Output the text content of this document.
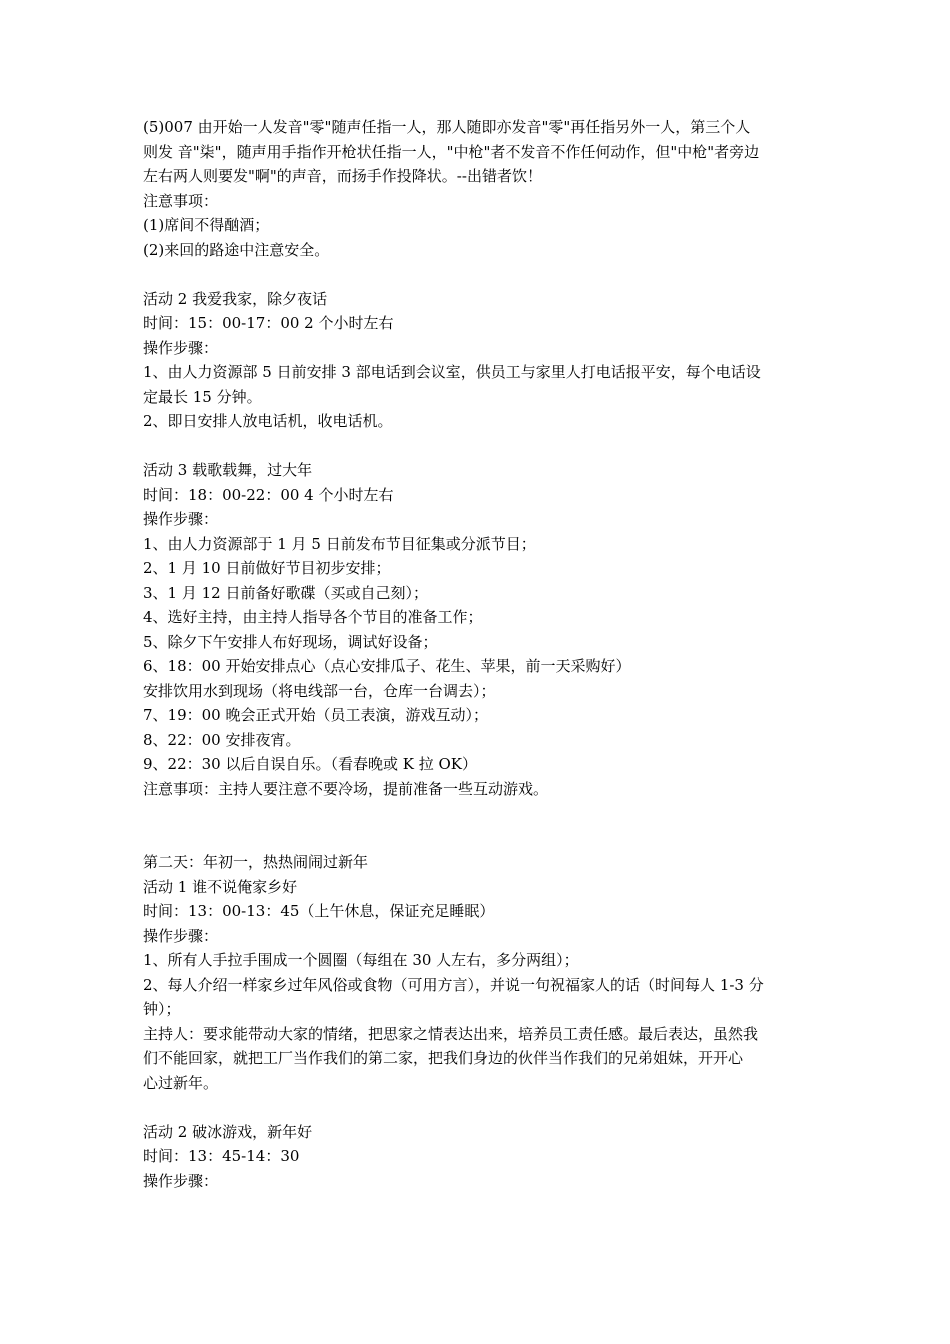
(5)007 由开始一人发音"零"随声任指一人，那人随即亦发音"零"再任指另外一人，第三个人
则发 音"柒"，随声用手指作开枪状任指一人，"中枪"者不发音不作任何动作，但"中枪"者旁边
左右两人则要发"啊"的声音，而扬手作投降状。--出错者饮！
注意事项：
(1)席间不得酗酒；
(2)来回的路途中注意安全。
活动 2 我爱我家，除夕夜话
时间：15：00-17：00 2 个小时左右
操作步骤：
1、由人力资源部 5 日前安排 3 部电话到会议室，供员工与家里人打电话报平安，每个电话设
定最长 15 分钟。
2、即日安排人放电话机，收电话机。
活动 3 载歌载舞，过大年
时间：18：00-22：00 4 个小时左右
操作步骤：
1、由人力资源部于 1 月 5 日前发布节目征集或分派节目；
2、1 月 10 日前做好节目初步安排；
3、1 月 12 日前备好歌碟（买或自己刻）；
4、选好主持，由主持人指导各个节目的准备工作；
5、除夕下午安排人布好现场，调试好设备；
6、18：00 开始安排点心（点心安排瓜子、花生、苹果，前一天采购好）
安排饮用水到现场（将电线部一台，仓库一台调去）；
7、19：00 晚会正式开始（员工表演，游戏互动）；
8、22：00 安排夜宵。
9、22：30 以后自误自乐。（看春晚或 K 拉 OK）
注意事项：主持人要注意不要冷场，提前准备一些互动游戏。
第二天：年初一，热热闹闹过新年
活动 1 谁不说俺家乡好
时间：13：00-13：45（上午休息，保证充足睡眠）
操作步骤：
1、所有人手拉手围成一个圆圈（每组在 30 人左右，多分两组）；
2、每人介绍一样家乡过年风俗或食物（可用方言），并说一句祝福家人的话（时间每人 1-3 分
钟）；
主持人：要求能带动大家的情绪，把思家之情表达出来，培养员工责任感。最后表达，虽然我
们不能回家，就把工厂当作我们的第二家，把我们身边的伙伴当作我们的兄弟姐妹，开开心
心过新年。
活动 2 破冰游戏，新年好
时间：13：45-14：30
操作步骤：
